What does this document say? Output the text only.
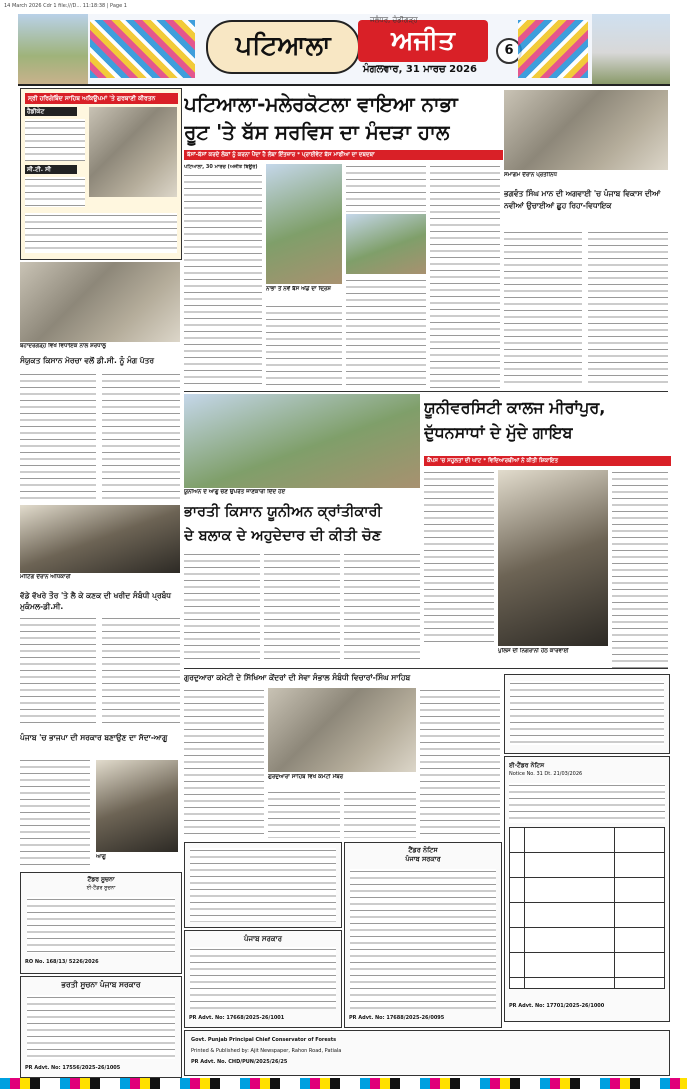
14 March 2026 Cdr 1 file:///D... 11:18:38 | Page 1
ਪਟਿਆਲਾ	ਅਜੀਤ
ਜਲੰਧਰ, ਚੰਡੀਗੜ੍ਹ
ਮੰਗਲਵਾਰ, 31 ਮਾਰਚ 2026
6
ਸ੍ਰੀ ਹਰਿਗੋਬਿੰਦ ਸਾਹਿਬ ਅਕਿਊਪਮਾਂ 'ਤੇ ਗੁਰਬਾਣੀ ਕੀਰਤਨ
ਹੈਡੀਕੇਟ
ਸੀ.ਟੀ. ਸੀ
ਬਹਾਦਰਗੜ੍ਹ ਵਿਖੇ ਵਿਧਾਇਕ ਨਾਲ ਸ਼ਰਧਾਲੂ
ਸੰਯੁਕਤ ਕਿਸਾਨ ਮੋਰਚਾ ਵਲੋਂ ਡੀ.ਸੀ. ਨੂੰ ਮੰਗ ਪੱਤਰ
ਮੀਟਿੰਗ ਦੌਰਾਨ ਅਧਿਕਾਰੀ
ਵੱਡੇ ਵੱਖਰੇ ਤੌਰ 'ਤੇ ਲੈ ਕੇ ਕਣਕ ਦੀ ਖਰੀਦ ਸੰਬੰਧੀ ਪ੍ਰਬੰਧ ਮੁਕੰਮਲ-ਡੀ.ਸੀ.
ਪੰਜਾਬ 'ਚ ਭਾਜਪਾ ਦੀ ਸਰਕਾਰ ਬਣਾਉਣ ਦਾ ਸੱਦਾ-ਆਗੂ
ਆਗੂ
ਟੈਂਡਰ ਸੂਚਨਾ
ਈ-ਟੈਂਡਰ ਸੂਚਨਾ
RO No. 168/13/ 5226/2026
ਭਰਤੀ ਸੂਚਨਾ ਪੰਜਾਬ ਸਰਕਾਰ
PR Advt. No: 17556/2025-26/1005
ਪਟਿਆਲਾ-ਮਲੇਰਕੋਟਲਾ ਵਾਇਆ ਨਾਭਾ
ਰੂਟ 'ਤੇ ਬੱਸ ਸਰਵਿਸ ਦਾ ਮੰਦੜਾ ਹਾਲ
ਬੱਸਾਂ-ਬੱਸਾਂ ਕਰਦੇ ਲੋਕਾਂ ਨੂੰ ਕਰਨਾ ਪੈਂਦਾ ਹੈ ਲੰਬਾ ਇੰਤਜ਼ਾਰ * ਪ੍ਰਾਈਵੇਟ ਬੱਸ ਮਾਫੀਆ ਦਾ ਦਬਦਬਾ
ਪਟਿਆਲਾ, 30 ਮਾਰਚ (ਅਜੀਤ ਬਿਊਰੋ)
ਨਾਭਾ ਤੋਂ ਨਵੇਂ ਬੱਸ ਅੱਡੇ ਦਾ ਦ੍ਰਿਸ਼
ਸਮਾਗਮ ਦੌਰਾਨ ਪ੍ਰਤੀਨਿਧ
ਭਗਵੰਤ ਸਿੰਘ ਮਾਨ ਦੀ ਅਗਵਾਈ 'ਚ ਪੰਜਾਬ ਵਿਕਾਸ ਦੀਆਂ ਨਵੀਆਂ ਉਚਾਈਆਂ ਛੂਹ ਰਿਹਾ-ਵਿਧਾਇਕ
ਯੂਨੀਅਨ ਦੇ ਆਗੂ ਚੋਣ ਉਪਰੰਤ ਜਾਣਕਾਰੀ ਦਿੰਦੇ ਹੋਏ
ਯੂਨੀਵਰਸਿਟੀ ਕਾਲਜ ਮੀਰਾਂਪੁਰ,
ਦੁੱਧਨਸਾਧਾਂ ਦੇ ਮੁੱਦੇ ਗਾਇਬ
ਕੈਂਪਸ 'ਚ ਸਹੂਲਤਾਂ ਦੀ ਘਾਟ * ਵਿਦਿਆਰਥੀਆਂ ਨੇ ਕੀਤੀ ਸ਼ਿਕਾਇਤ
ਪੁਲਿਸ ਦੀ ਨਿਗਰਾਨੀ ਹੇਠ ਕਾਰਵਾਈ
ਭਾਰਤੀ ਕਿਸਾਨ ਯੂਨੀਅਨ ਕ੍ਰਾਂਤੀਕਾਰੀ
ਦੇ ਬਲਾਕ ਦੇ ਅਹੁਦੇਦਾਰ ਦੀ ਕੀਤੀ ਚੋਣ
ਗੁਰਦੁਆਰਾ ਕਮੇਟੀ ਦੇ ਸਿੱਖਿਆ ਕੇਂਦਰਾਂ ਦੀ ਸੇਵਾ ਸੰਭਾਲ ਸੰਬੰਧੀ ਵਿਚਾਰਾਂ-ਸਿੰਘ ਸਾਹਿਬ
ਗੁਰਦੁਆਰਾ ਸਾਹਿਬ ਵਿਖੇ ਕਮੇਟੀ ਮੈਂਬਰ
ਈ-ਟੈਂਡਰ ਨੋਟਿਸ
Notice No. 31 Dt. 21/03/2026
PR Advt. No: 17701/2025-26/1000
ਪੰਜਾਬ ਸਰਕਾਰ
PR Advt. No: 17668/2025-26/1001
ਟੈਂਡਰ ਨੋਟਿਸ
ਪੰਜਾਬ ਸਰਕਾਰ
PR Advt. No: 17688/2025-26/0095
Govt. Punjab Principal Chief Conservator of Forests
Printed & Published by: Ajit Newspaper, Rahon Road, Patiala
PR Advt. No. CHD/PUN/2025/26/25
